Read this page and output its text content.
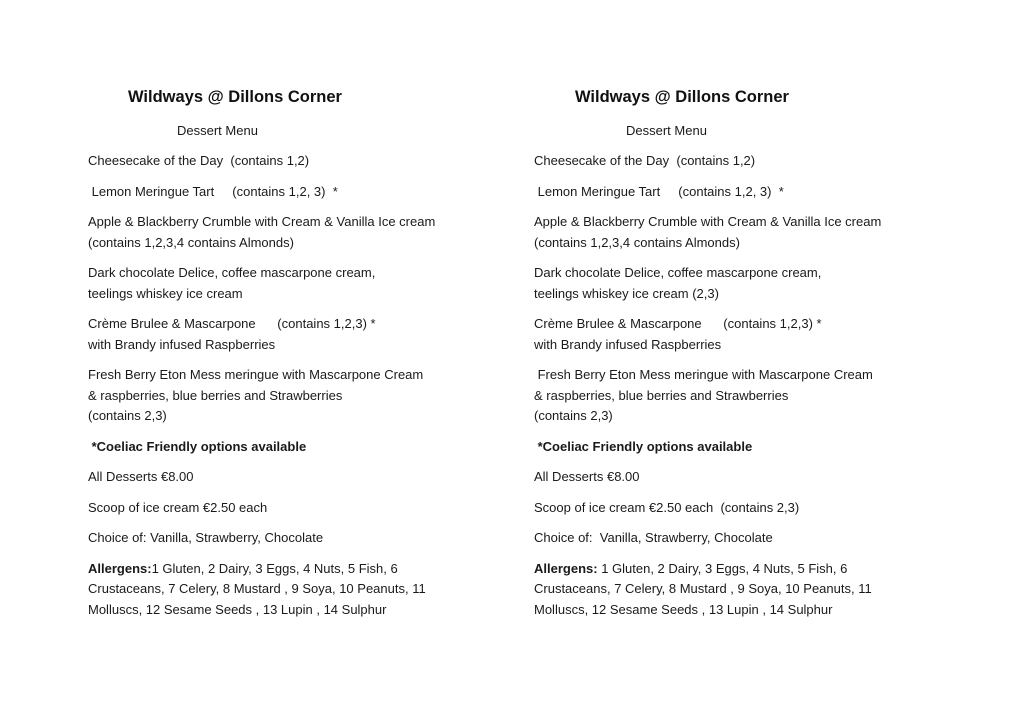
Wildways @ Dillons Corner
Dessert Menu
Cheesecake of the Day  (contains 1,2)
Lemon Meringue Tart     (contains 1,2, 3)  *
Apple & Blackberry Crumble with Cream & Vanilla Ice cream
(contains 1,2,3,4 contains Almonds)
Dark chocolate Delice, coffee mascarpone cream,
teelings whiskey ice cream
Crème Brulee & Mascarpone      (contains 1,2,3) *
with Brandy infused Raspberries
Fresh Berry Eton Mess meringue with Mascarpone Cream
& raspberries, blue berries and Strawberries
(contains 2,3)
*Coeliac Friendly options available
All Desserts €8.00
Scoop of ice cream €2.50 each
Choice of: Vanilla, Strawberry, Chocolate
Allergens:1 Gluten, 2 Dairy, 3 Eggs, 4 Nuts, 5 Fish, 6
Crustaceans, 7 Celery, 8 Mustard , 9 Soya, 10 Peanuts, 11
Molluscs, 12 Sesame Seeds , 13 Lupin , 14 Sulphur
Wildways @ Dillons Corner
Dessert Menu
Cheesecake of the Day  (contains 1,2)
Lemon Meringue Tart     (contains 1,2, 3)  *
Apple & Blackberry Crumble with Cream & Vanilla Ice cream
(contains 1,2,3,4 contains Almonds)
Dark chocolate Delice, coffee mascarpone cream,
teelings whiskey ice cream (2,3)
Crème Brulee & Mascarpone      (contains 1,2,3) *
with Brandy infused Raspberries
Fresh Berry Eton Mess meringue with Mascarpone Cream
& raspberries, blue berries and Strawberries
(contains 2,3)
*Coeliac Friendly options available
All Desserts €8.00
Scoop of ice cream €2.50 each  (contains 2,3)
Choice of:  Vanilla, Strawberry, Chocolate
Allergens: 1 Gluten, 2 Dairy, 3 Eggs, 4 Nuts, 5 Fish, 6
Crustaceans, 7 Celery, 8 Mustard , 9 Soya, 10 Peanuts, 11
Molluscs, 12 Sesame Seeds , 13 Lupin , 14 Sulphur
